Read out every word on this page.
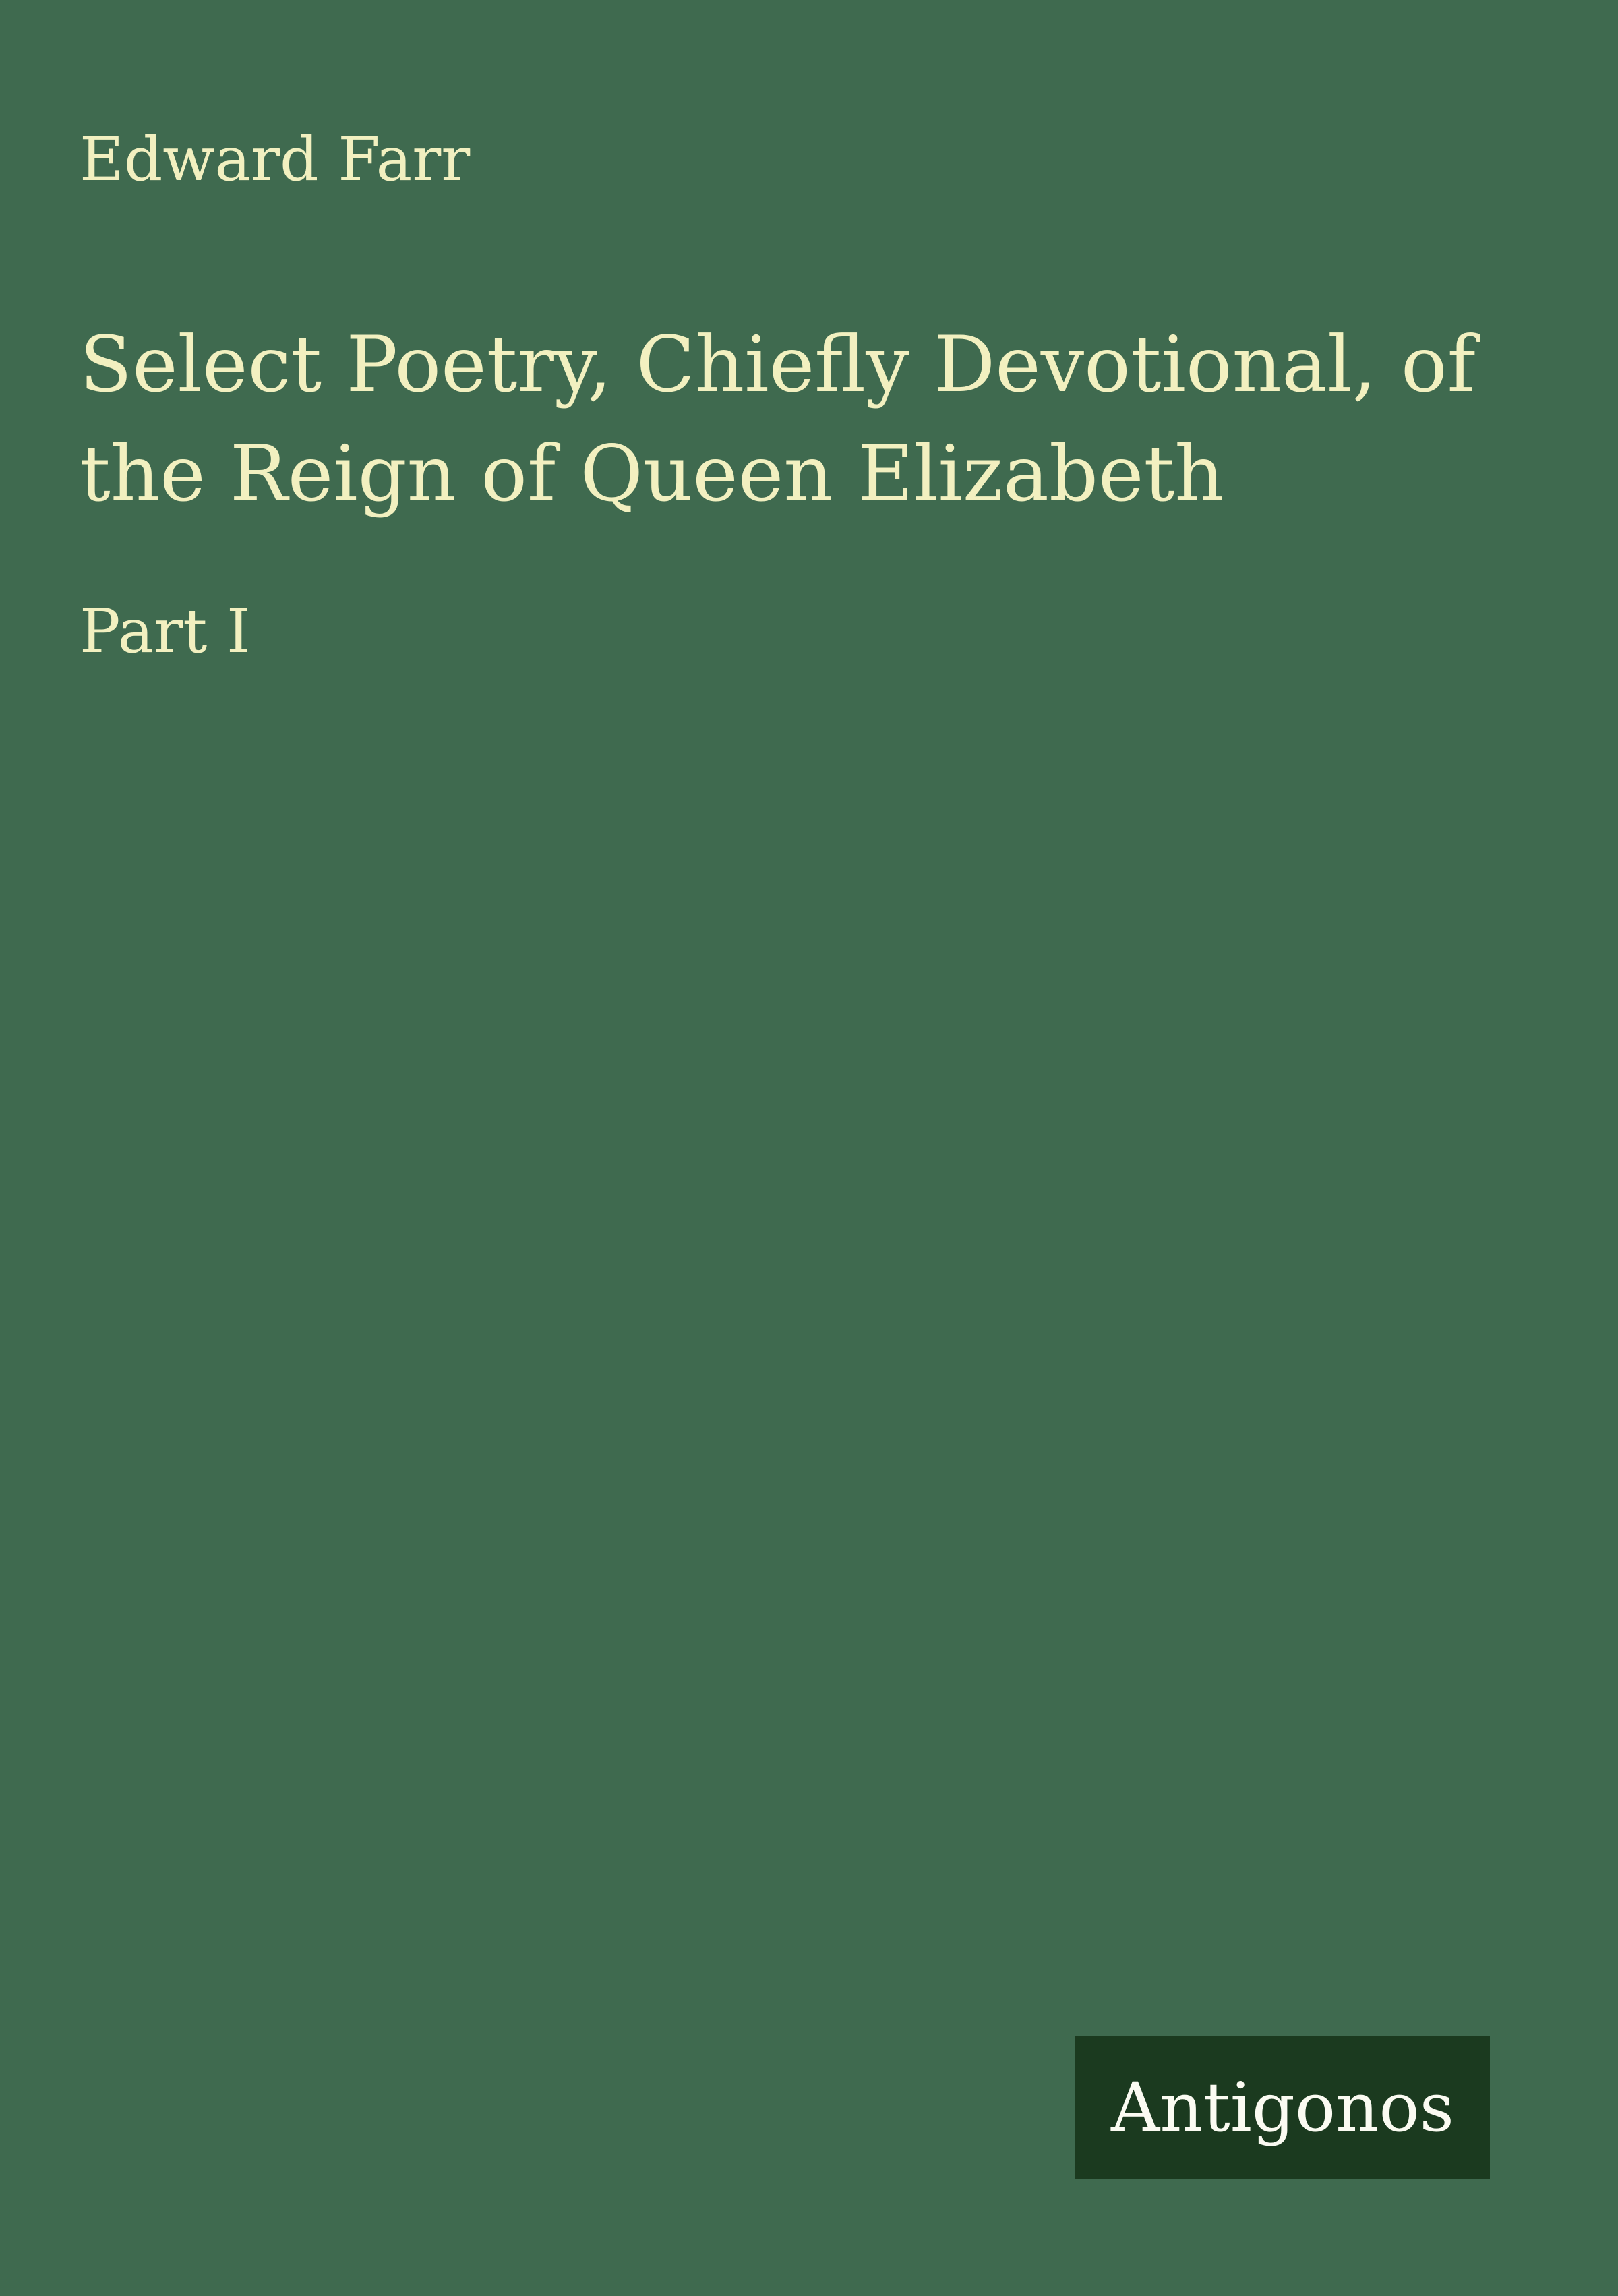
Edward Farr
Select Poetry, Chiefly Devotional, of
the Reign of Queen Elizabeth
Part I
Antigonos
